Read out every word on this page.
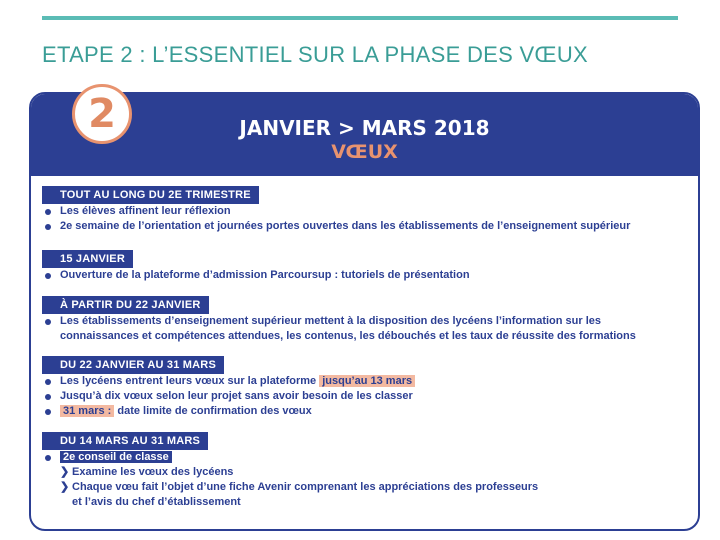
ETAPE 2 : L’ESSENTIEL SUR LA PHASE DES VŒUX
JANVIER > MARS 2018
VŒUX
TOUT AU LONG DU 2E TRIMESTRE
Les élèves affinent leur réflexion
2e semaine de l’orientation et journées portes ouvertes dans les établissements de l’enseignement supérieur
15 JANVIER
Ouverture de la plateforme d’admission Parcoursup : tutoriels de présentation
À PARTIR DU 22 JANVIER
Les établissements d’enseignement supérieur mettent à la disposition des lycéens l’information sur les
connaissances et compétences attendues, les contenus, les débouchés et les taux de réussite des formations
DU 22 JANVIER AU 31 MARS
Les lycéens entrent leurs vœux sur la plateforme jusqu’au 13 mars
Jusqu’à dix vœux selon leur projet sans avoir besoin de les classer
31 mars : date limite de confirmation des vœux
DU 14 MARS AU 31 MARS
2e conseil de classe
❯ Examine les vœux des lycéens
❯ Chaque vœu fait l’objet d’une fiche Avenir comprenant les appréciations des professeurs
et l’avis du chef d’établissement
2
